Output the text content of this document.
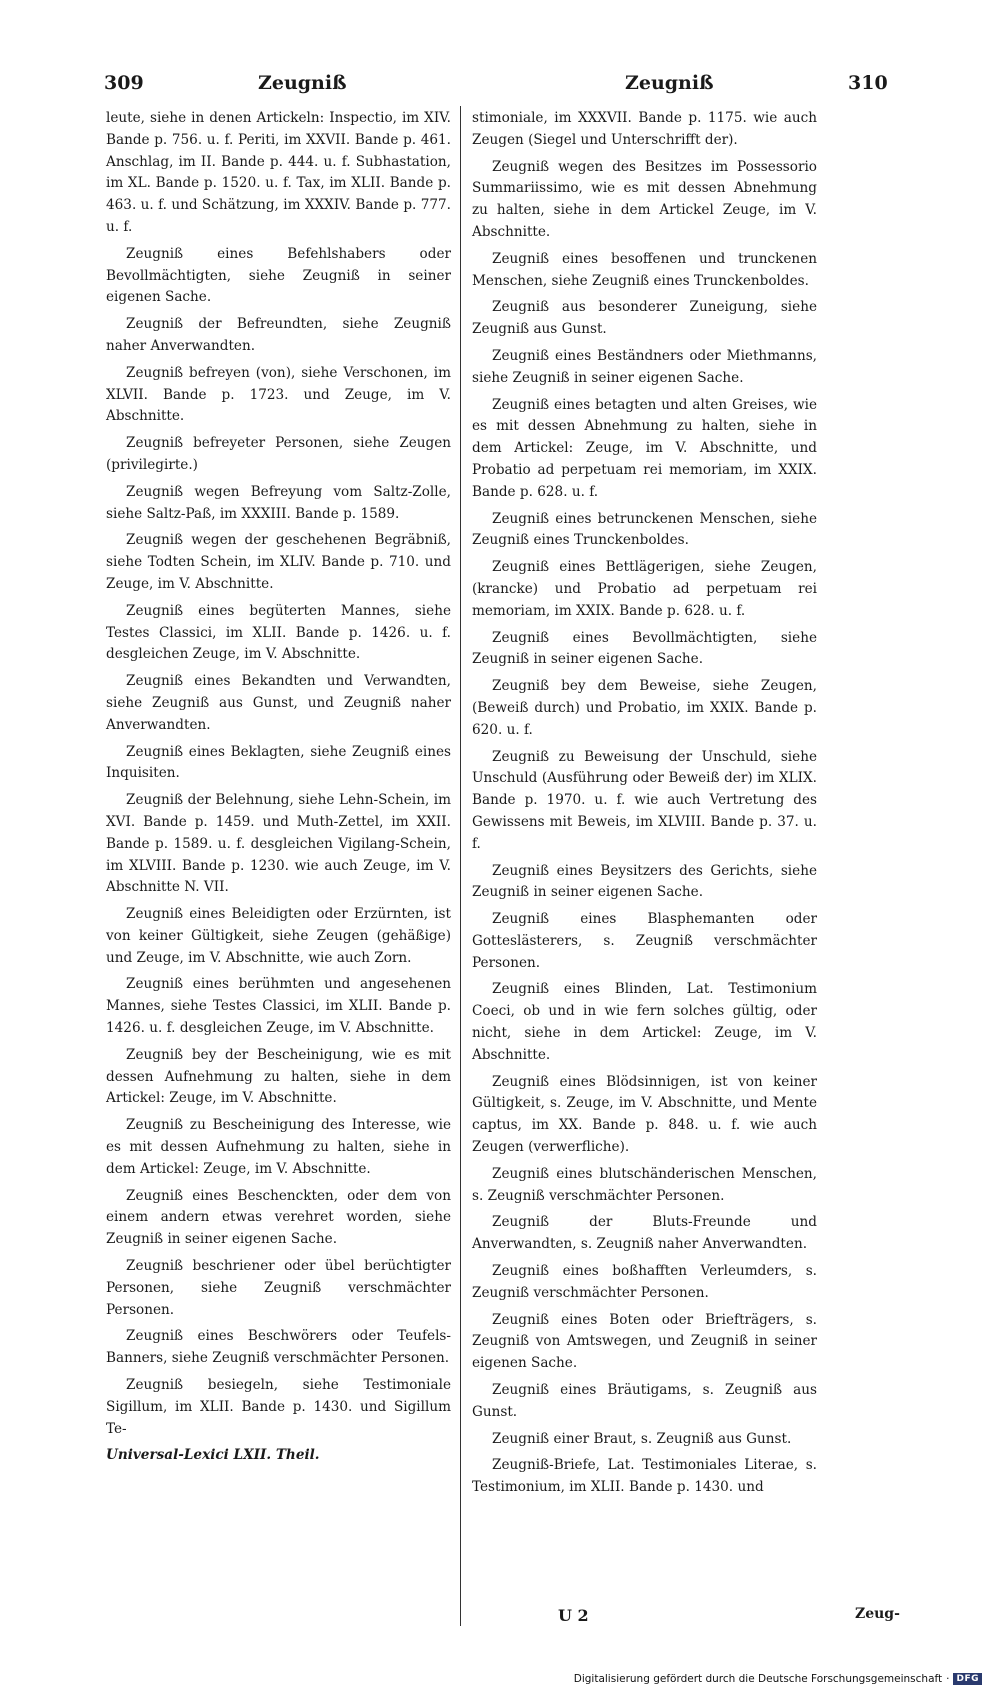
309	Zeugniß	Zeugniß	310

leute, siehe in denen Artickeln: Inspectio, im XIV. Bande p. 756. u. f. Periti, im XXVII. Bande p. 461. Anschlag, im II. Bande p. 444. u. f. Subhastation, im XL. Bande p. 1520. u. f. Tax, im XLII. Bande p. 463. u. f. und Schätzung, im XXXIV. Bande p. 777. u. f.

Zeugniß eines Befehlshabers oder Bevollmächtigten, siehe Zeugniß in seiner eigenen Sache.

Zeugniß der Befreundten, siehe Zeugniß naher Anverwandten.

Zeugniß befreyen (von), siehe Verschonen, im XLVII. Bande p. 1723. und Zeuge, im V. Abschnitte.

Zeugniß befreyeter Personen, siehe Zeugen (privilegirte.)

Zeugniß wegen Befreyung vom Saltz-Zolle, siehe Saltz-Paß, im XXXIII. Bande p. 1589.

Zeugniß wegen der geschehenen Begräbniß, siehe Todten Schein, im XLIV. Bande p. 710. und Zeuge, im V. Abschnitte.

Zeugniß eines begüterten Mannes, siehe Testes Classici, im XLII. Bande p. 1426. u. f. desgleichen Zeuge, im V. Abschnitte.

Zeugniß eines Bekandten und Verwandten, siehe Zeugniß aus Gunst, und Zeugniß naher Anverwandten.

Zeugniß eines Beklagten, siehe Zeugniß eines Inquisiten.

Zeugniß der Belehnung, siehe Lehn-Schein, im XVI. Bande p. 1459. und Muth-Zettel, im XXII. Bande p. 1589. u. f. desgleichen Vigilang-Schein, im XLVIII. Bande p. 1230. wie auch Zeuge, im V. Abschnitte N. VII.

Zeugniß eines Beleidigten oder Erzürnten, ist von keiner Gültigkeit, siehe Zeugen (gehäßige) und Zeuge, im V. Abschnitte, wie auch Zorn.

Zeugniß eines berühmten und angesehenen Mannes, siehe Testes Classici, im XLII. Bande p. 1426. u. f. desgleichen Zeuge, im V. Abschnitte.

Zeugniß bey der Bescheinigung, wie es mit dessen Aufnehmung zu halten, siehe in dem Artickel: Zeuge, im V. Abschnitte.

Zeugniß zu Bescheinigung des Interesse, wie es mit dessen Aufnehmung zu halten, siehe in dem Artickel: Zeuge, im V. Abschnitte.

Zeugniß eines Beschenckten, oder dem von einem andern etwas verehret worden, siehe Zeugniß in seiner eigenen Sache.

Zeugniß beschriener oder übel berüchtigter Personen, siehe Zeugniß verschmächter Personen.

Zeugniß eines Beschwörers oder Teufels-Banners, siehe Zeugniß verschmächter Personen.

Zeugniß besiegeln, siehe Testimoniale Sigillum, im XLII. Bande p. 1430. und Sigillum Te-

Universal-Lexici LXII. Theil.

stimoniale, im XXXVII. Bande p. 1175. wie auch Zeugen (Siegel und Unterschrifft der).

Zeugniß wegen des Besitzes im Possessorio Summariissimo, wie es mit dessen Abnehmung zu halten, siehe in dem Artickel Zeuge, im V. Abschnitte.

Zeugniß eines besoffenen und trunckenen Menschen, siehe Zeugniß eines Trunckenboldes.

Zeugniß aus besonderer Zuneigung, siehe Zeugniß aus Gunst.

Zeugniß eines Beständners oder Miethmanns, siehe Zeugniß in seiner eigenen Sache.

Zeugniß eines betagten und alten Greises, wie es mit dessen Abnehmung zu halten, siehe in dem Artickel: Zeuge, im V. Abschnitte, und Probatio ad perpetuam rei memoriam, im XXIX. Bande p. 628. u. f.

Zeugniß eines betrunckenen Menschen, siehe Zeugniß eines Trunckenboldes.

Zeugniß eines Bettlägerigen, siehe Zeugen, (krancke) und Probatio ad perpetuam rei memoriam, im XXIX. Bande p. 628. u. f.

Zeugniß eines Bevollmächtigten, siehe Zeugniß in seiner eigenen Sache.

Zeugniß bey dem Beweise, siehe Zeugen, (Beweiß durch) und Probatio, im XXIX. Bande p. 620. u. f.

Zeugniß zu Beweisung der Unschuld, siehe Unschuld (Ausführung oder Beweiß der) im XLIX. Bande p. 1970. u. f. wie auch Vertretung des Gewissens mit Beweis, im XLVIII. Bande p. 37. u. f.

Zeugniß eines Beysitzers des Gerichts, siehe Zeugniß in seiner eigenen Sache.

Zeugniß eines Blasphemanten oder Gotteslästerers, s. Zeugniß verschmächter Personen.

Zeugniß eines Blinden, Lat. Testimonium Coeci, ob und in wie fern solches gültig, oder nicht, siehe in dem Artickel: Zeuge, im V. Abschnitte.

Zeugniß eines Blödsinnigen, ist von keiner Gültigkeit, s. Zeuge, im V. Abschnitte, und Mente captus, im XX. Bande p. 848. u. f. wie auch Zeugen (verwerfliche).

Zeugniß eines blutschänderischen Menschen, s. Zeugniß verschmächter Personen.

Zeugniß der Bluts-Freunde und Anverwandten, s. Zeugniß naher Anverwandten.

Zeugniß eines boßhafften Verleumders, s. Zeugniß verschmächter Personen.

Zeugniß eines Boten oder Briefträgers, s. Zeugniß von Amtswegen, und Zeugniß in seiner eigenen Sache.

Zeugniß eines Bräutigams, s. Zeugniß aus Gunst.

Zeugniß einer Braut, s. Zeugniß aus Gunst.

Zeugniß-Briefe, Lat. Testimoniales Literae, s. Testimonium, im XLII. Bande p. 1430. und

U 2	Zeug-
Digitalisierung gefördert durch die Deutsche Forschungsgemeinschaft · DFG
